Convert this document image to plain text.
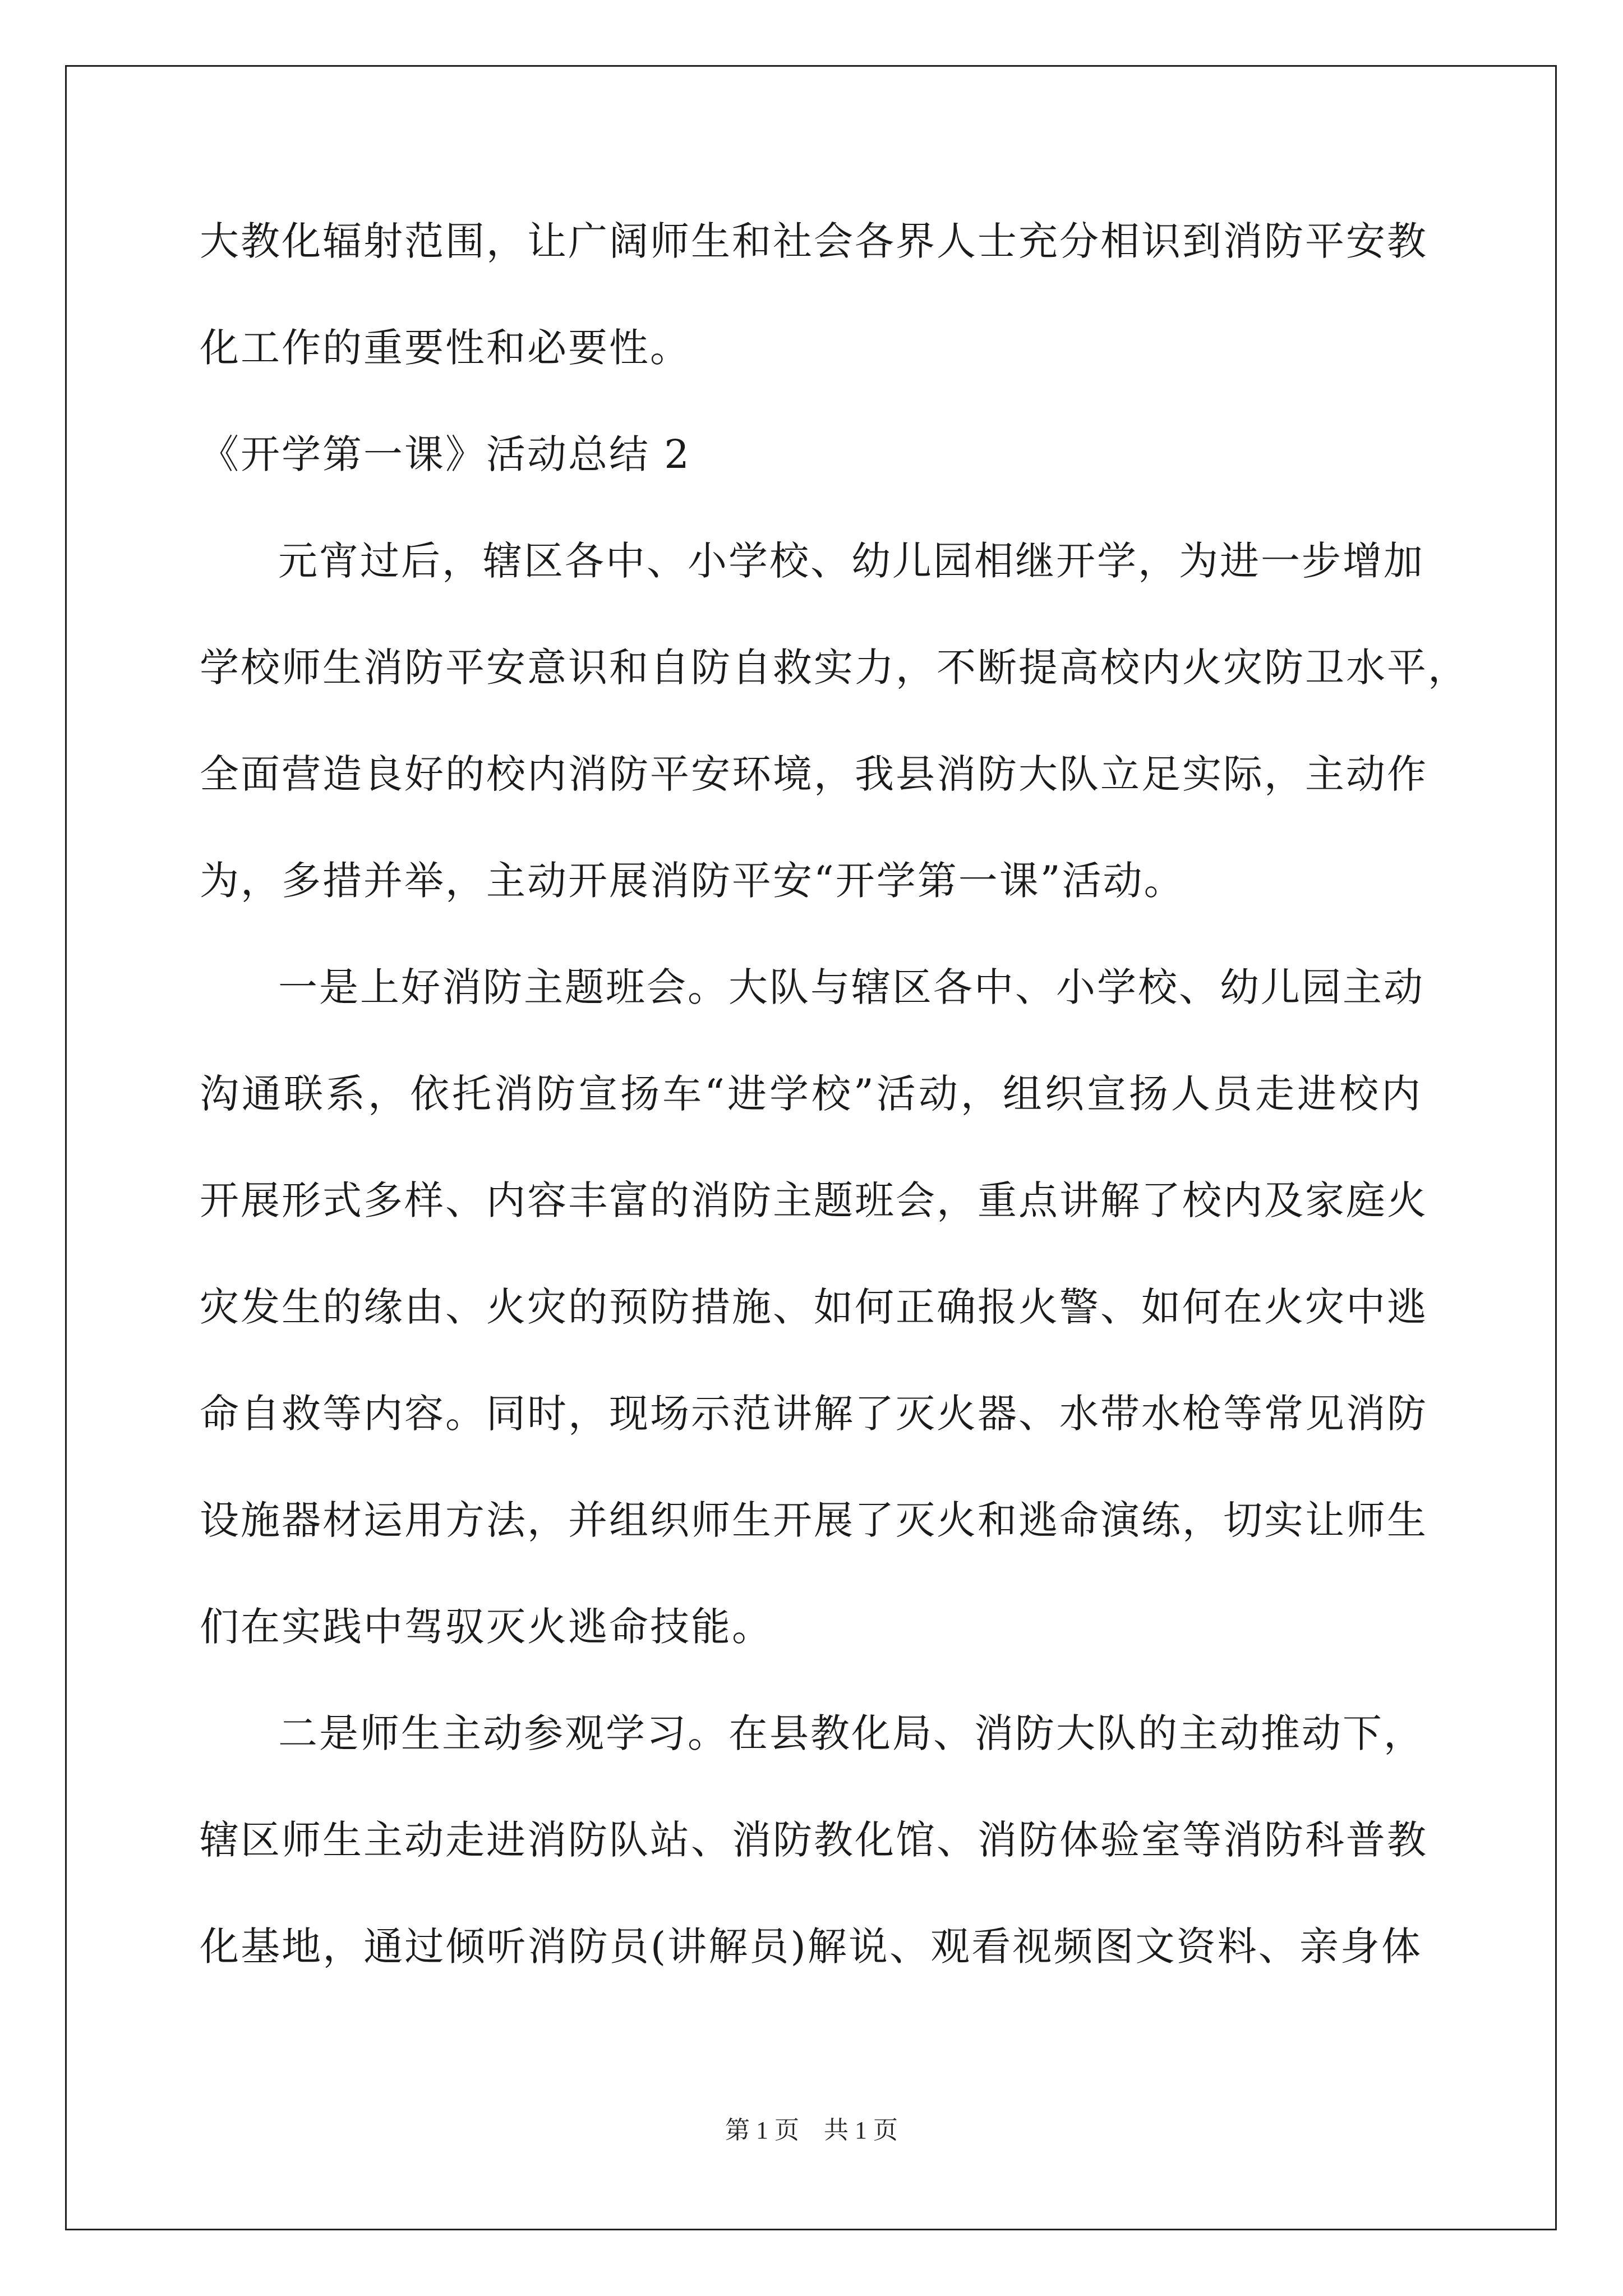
大教化辐射范围，让广阔师生和社会各界人士充分相识到消防平安教
化工作的重要性和必要性。
《开学第一课》活动总结 2
元宵过后，辖区各中、小学校、幼儿园相继开学，为进一步增加
学校师生消防平安意识和自防自救实力，不断提高校内火灾防卫水平，
全面营造良好的校内消防平安环境，我县消防大队立足实际，主动作
为，多措并举，主动开展消防平安“开学第一课”活动。
一是上好消防主题班会。大队与辖区各中、小学校、幼儿园主动
沟通联系，依托消防宣扬车“进学校”活动，组织宣扬人员走进校内
开展形式多样、内容丰富的消防主题班会，重点讲解了校内及家庭火
灾发生的缘由、火灾的预防措施、如何正确报火警、如何在火灾中逃
命自救等内容。同时，现场示范讲解了灭火器、水带水枪等常见消防
设施器材运用方法，并组织师生开展了灭火和逃命演练，切实让师生
们在实践中驾驭灭火逃命技能。
二是师生主动参观学习。在县教化局、消防大队的主动推动下，
辖区师生主动走进消防队站、消防教化馆、消防体验室等消防科普教
化基地，通过倾听消防员(讲解员)解说、观看视频图文资料、亲身体
第 1 页 共 1 页
